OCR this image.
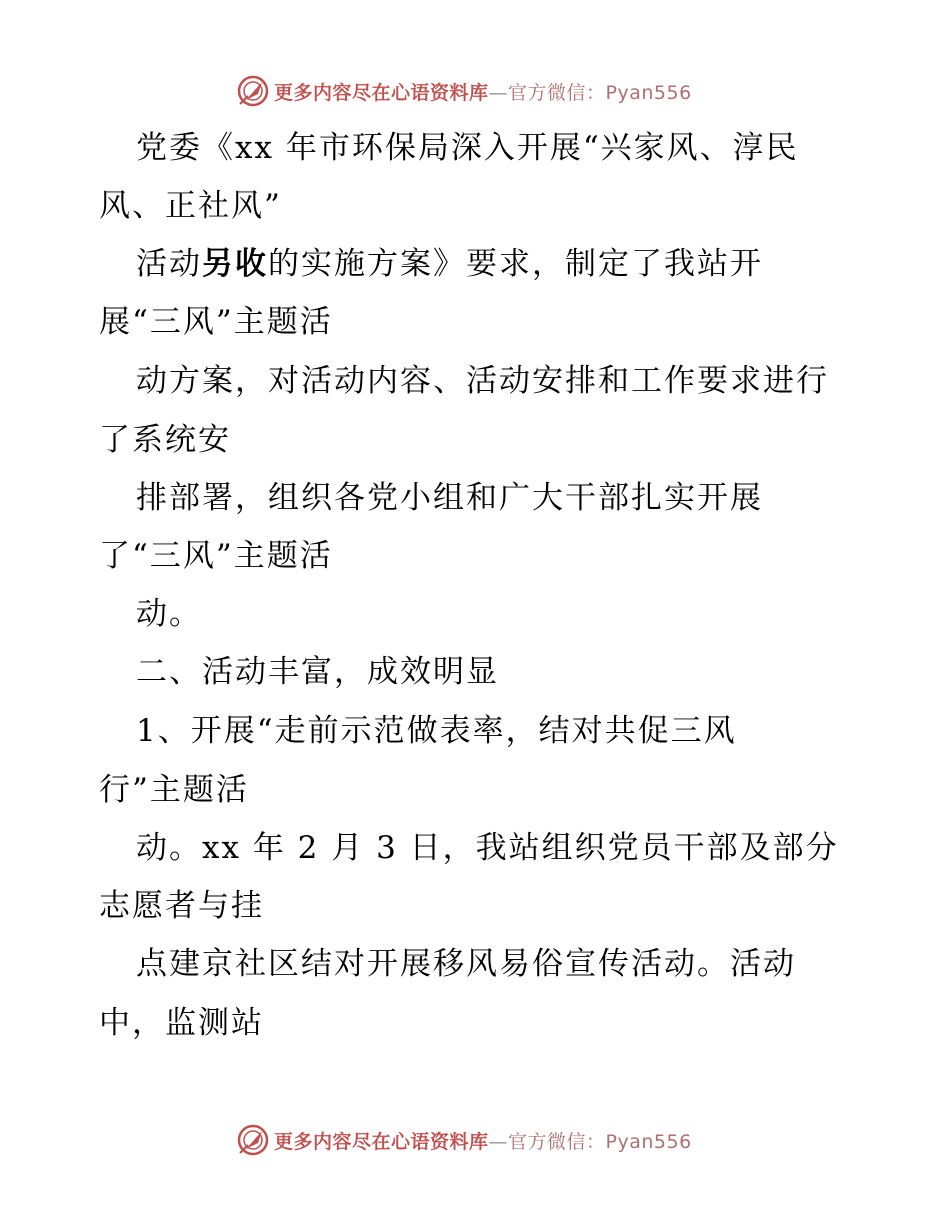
更多内容尽在心语资料库—官方微信：Pyan556
党委《xx 年市环保局深入开展“兴家风、淳民
风、正社风”
活动另收的实施方案》要求，制定了我站开
展“三风”主题活
动方案，对活动内容、活动安排和工作要求进行
了系统安
排部署，组织各党小组和广大干部扎实开展
了“三风”主题活
动。
二、活动丰富，成效明显
1、开展“走前示范做表率，结对共促三风
行”主题活
动。xx 年 2 月 3 日，我站组织党员干部及部分
志愿者与挂
点建京社区结对开展移风易俗宣传活动。活动
中，监测站
更多内容尽在心语资料库—官方微信：Pyan556
